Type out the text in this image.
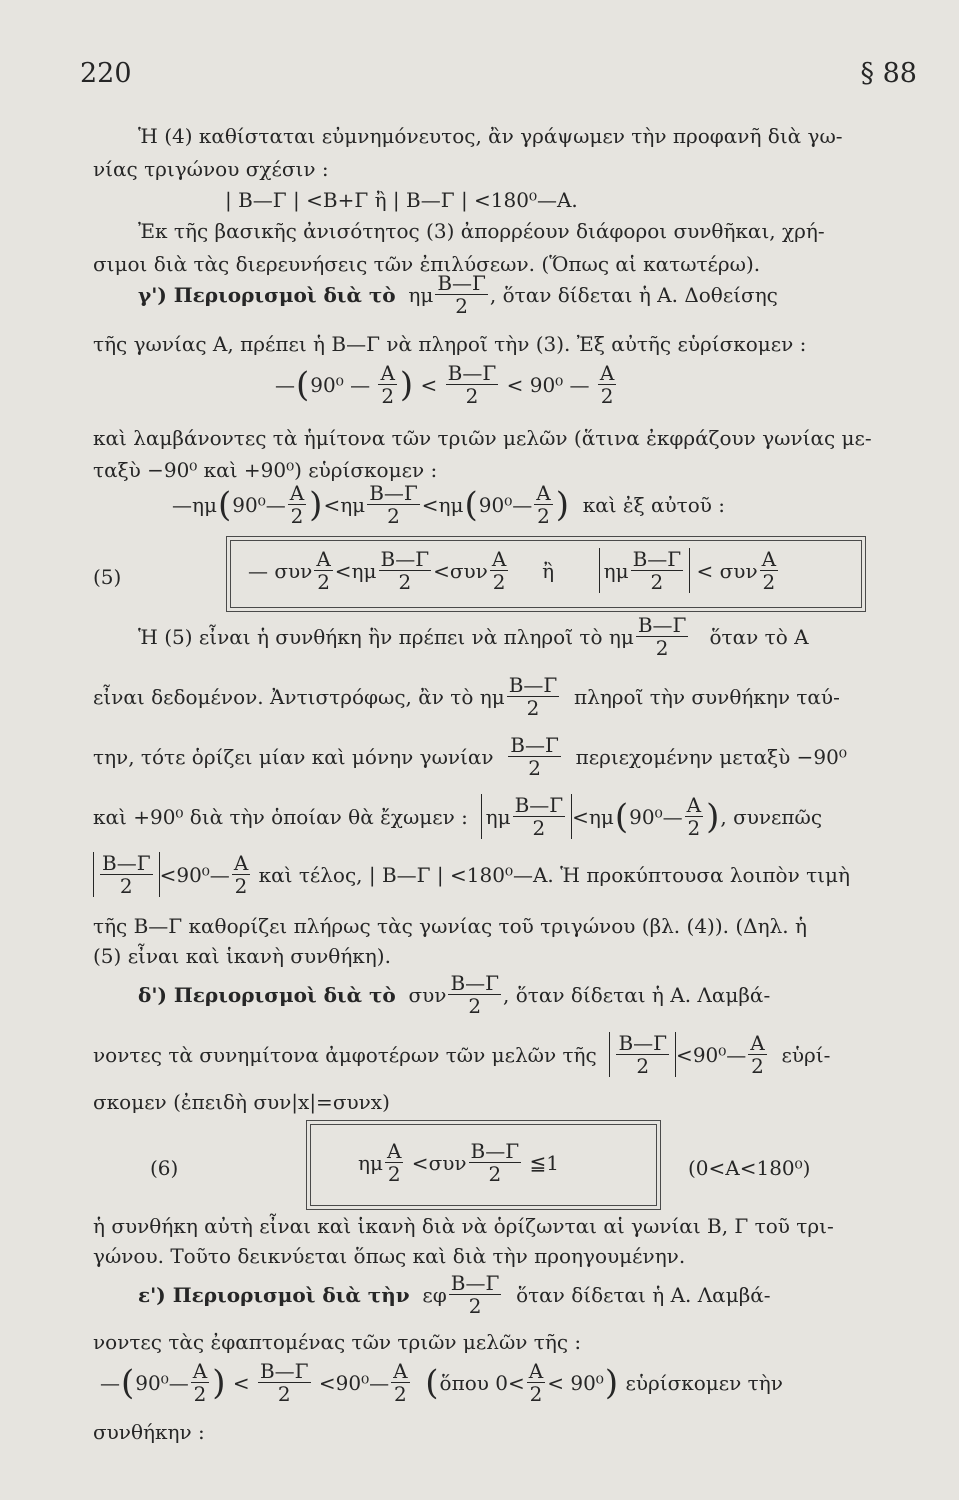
220	§ 88
Ἡ (4) καθίσταται εὐμνημόνευτος, ἂν γράψωμεν τὴν προφανῆ διὰ γω-
νίας τριγώνου σχέσιν :
| Β—Γ | <Β+Γ ἢ | Β—Γ | <180⁰—Α.
Ἐκ τῆς βασικῆς ἀνισότητος (3) ἀπορρέουν διάφοροι συνθῆκαι, χρή-
σιμοι διὰ τὰς διερευνήσεις τῶν ἐπιλύσεων. (Ὅπως αἱ κατωτέρω).
γ') Περιορισμοὶ διὰ τὸ
ημ $\frac{B—\Gamma}{2}$ , ὅταν δίδεται ἡ Α. Δοθείσης
τῆς γωνίας Α, πρέπει ἡ Β—Γ νὰ πληροῖ τὴν (3). Ἐξ αὐτῆς εὑρίσκομεν :
— ( 90⁰
—
$\frac{A}{2}$ )
<
$\frac{B—\Gamma}{2}$
<
90⁰
—
$\frac{A}{2}$
καὶ λαμβάνοντες τὰ ἡμίτονα τῶν τριῶν μελῶν (ἅτινα ἐκφράζουν γωνίας με-
ταξὺ −90⁰ καὶ +90⁰) εὑρίσκομεν :
—ημ ( 90⁰— $\frac{A}{2}$ ) < ημ $\frac{B—\Gamma}{2} < \eta\mu$ ( 90⁰— $\frac{A}{2}$ )
καὶ ἐξ αὐτοῦ :
(5)	— συν $\frac{A}{2} < \eta\mu \frac{B—\Gamma}{2} < \sigma\upsilon\nu \frac{A}{2}$
ἢ
ημ $\frac{B—\Gamma}{2}$
<
συν $\frac{A}{2}$
Ἡ (5) εἶναι ἡ συνθήκη ἣν πρέπει νὰ πληροῖ τὸ ημ $\frac{B—\Gamma}{2}$
ὅταν τὸ Α
εἶναι δεδομένον. Ἀντιστρόφως, ἂν τὸ ημ $\frac{B—\Gamma}{2}$
πληροῖ τὴν συνθήκην ταύ-
την, τότε ὁρίζει μίαν καὶ μόνην γωνίαν
$\frac{B—\Gamma}{2}$
περιεχομένην μεταξὺ −90⁰
καὶ +90⁰ διὰ τὴν ὁποίαν θὰ ἔχωμεν :
ημ $\frac{B—\Gamma}{2} < \eta\mu$ ( 90⁰— $\frac{A}{2}$ ) , συνεπῶς
$\frac{B—\Gamma}{2}$ < 90⁰— $\frac{A}{2}$
καὶ τέλος, | Β—Γ | <180⁰—Α. Ἡ προκύπτουσα λοιπὸν τιμὴ
τῆς Β—Γ καθορίζει πλήρως τὰς γωνίας τοῦ τριγώνου (βλ. (4)). (Δηλ. ἡ
(5) εἶναι καὶ ἱκανὴ συνθήκη).
δ') Περιορισμοὶ διὰ τὸ
συν $\frac{B—\Gamma}{2}$ , ὅταν δίδεται ἡ Α. Λαμβά-
νοντες τὰ συνημίτονα ἀμφοτέρων τῶν μελῶν τῆς
$\frac{B—\Gamma}{2}$ < 90⁰— $\frac{A}{2}$
εὑρί-
σκομεν (ἐπειδὴ συν|x|=συνx)
(6)	ημ $\frac{A}{2}$
< συν $\frac{B—\Gamma}{2}$
≦ 1	(0<Α<180⁰)
ἡ συνθήκη αὐτὴ εἶναι καὶ ἱκανὴ διὰ νὰ ὁρίζωνται αἱ γωνίαι Β, Γ τοῦ τρι-
γώνου. Τοῦτο δεικνύεται ὅπως καὶ διὰ τὴν προηγουμένην.
ε') Περιορισμοὶ διὰ τὴν
εφ $\frac{B—\Gamma}{2}$
ὅταν δίδεται ἡ Α. Λαμβά-
νοντες τὰς ἐφαπτομένας τῶν τριῶν μελῶν τῆς :
— ( 90⁰— $\frac{A}{2}$ )
<
$\frac{B—\Gamma}{2}$
< 90⁰— $\frac{A}{2}$
( ὅπου $0< \frac{A}{2}$ <
90⁰ )
εὑρίσκομεν τὴν
συνθήκην :
